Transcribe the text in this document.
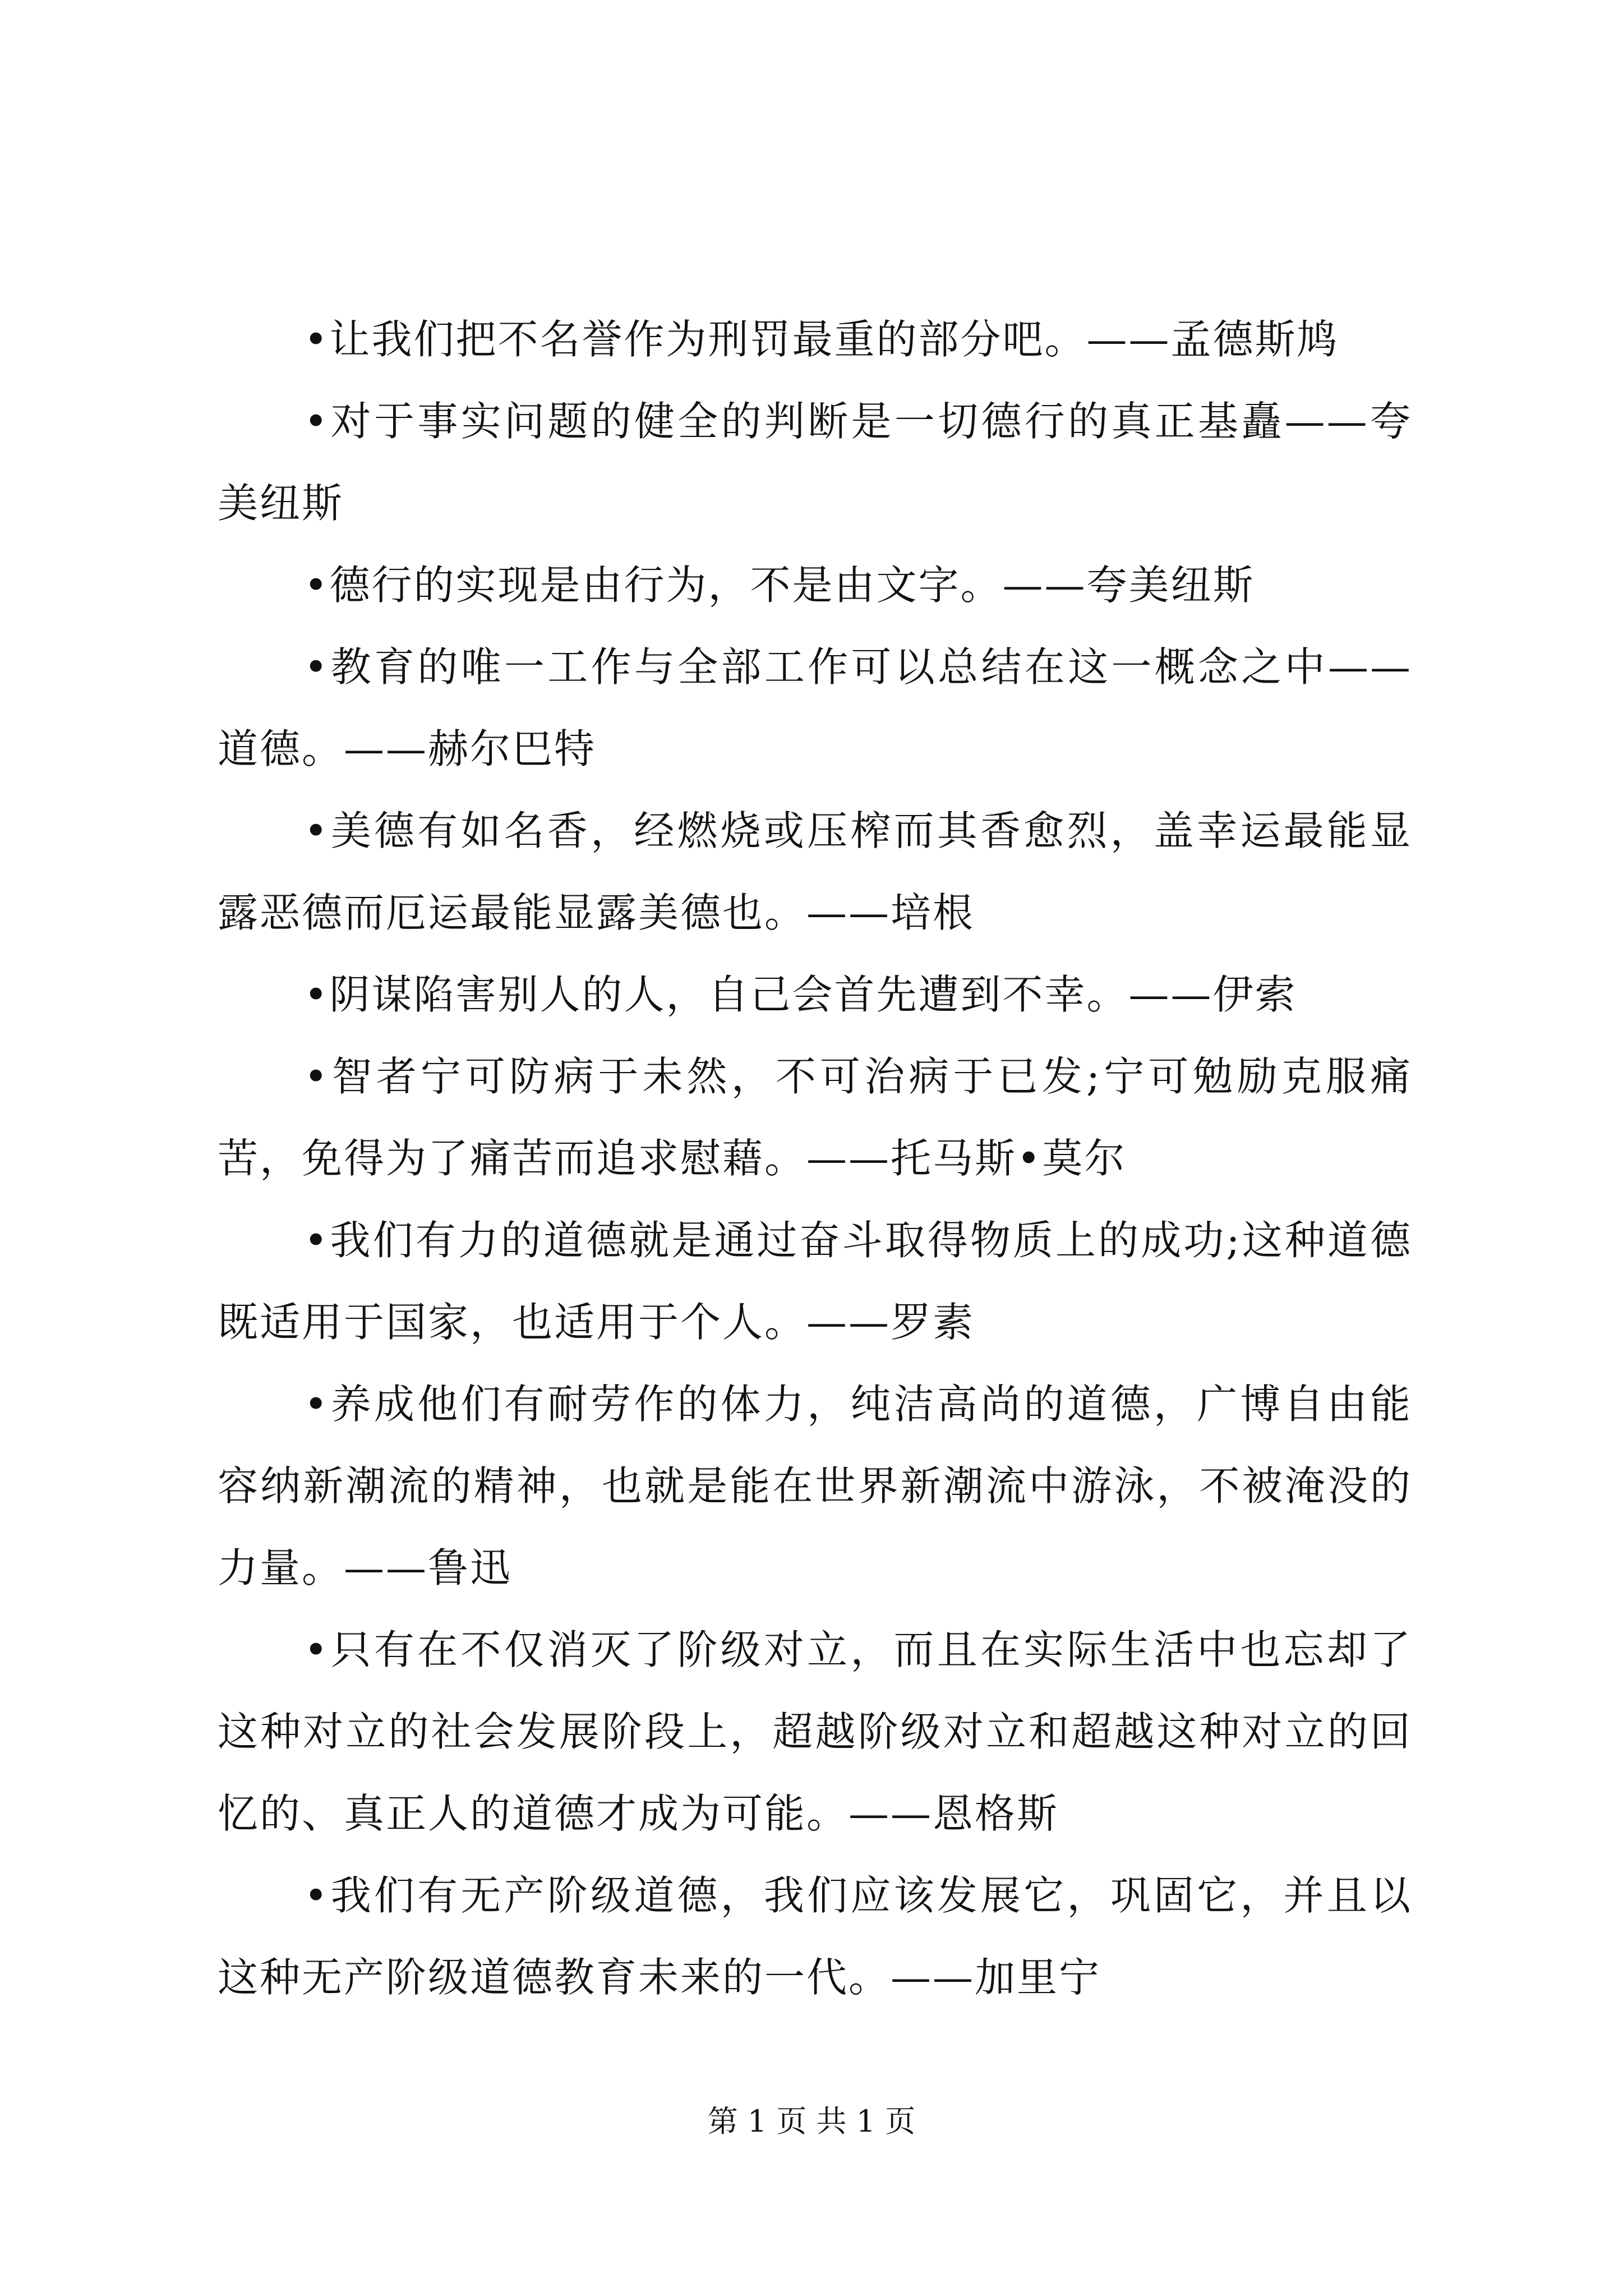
•让我们把不名誉作为刑罚最重的部分吧。——孟德斯鸠

•对于事实问题的健全的判断是一切德行的真正基矗——夸美纽斯

•德行的实现是由行为，不是由文字。——夸美纽斯

•教育的唯一工作与全部工作可以总结在这一概念之中——道德。——赫尔巴特

•美德有如名香，经燃烧或压榨而其香愈烈，盖幸运最能显露恶德而厄运最能显露美德也。——培根

•阴谋陷害别人的人，自己会首先遭到不幸。——伊索

•智者宁可防病于未然，不可治病于已发;宁可勉励克服痛苦，免得为了痛苦而追求慰藉。——托马斯•莫尔

•我们有力的道德就是通过奋斗取得物质上的成功;这种道德既适用于国家，也适用于个人。——罗素

•养成他们有耐劳作的体力，纯洁高尚的道德，广博自由能容纳新潮流的精神，也就是能在世界新潮流中游泳，不被淹没的力量。——鲁迅

•只有在不仅消灭了阶级对立，而且在实际生活中也忘却了这种对立的社会发展阶段上，超越阶级对立和超越这种对立的回忆的、真正人的道德才成为可能。——恩格斯

•我们有无产阶级道德，我们应该发展它，巩固它，并且以这种无产阶级道德教育未来的一代。——加里宁

第 1 页 共 1 页
